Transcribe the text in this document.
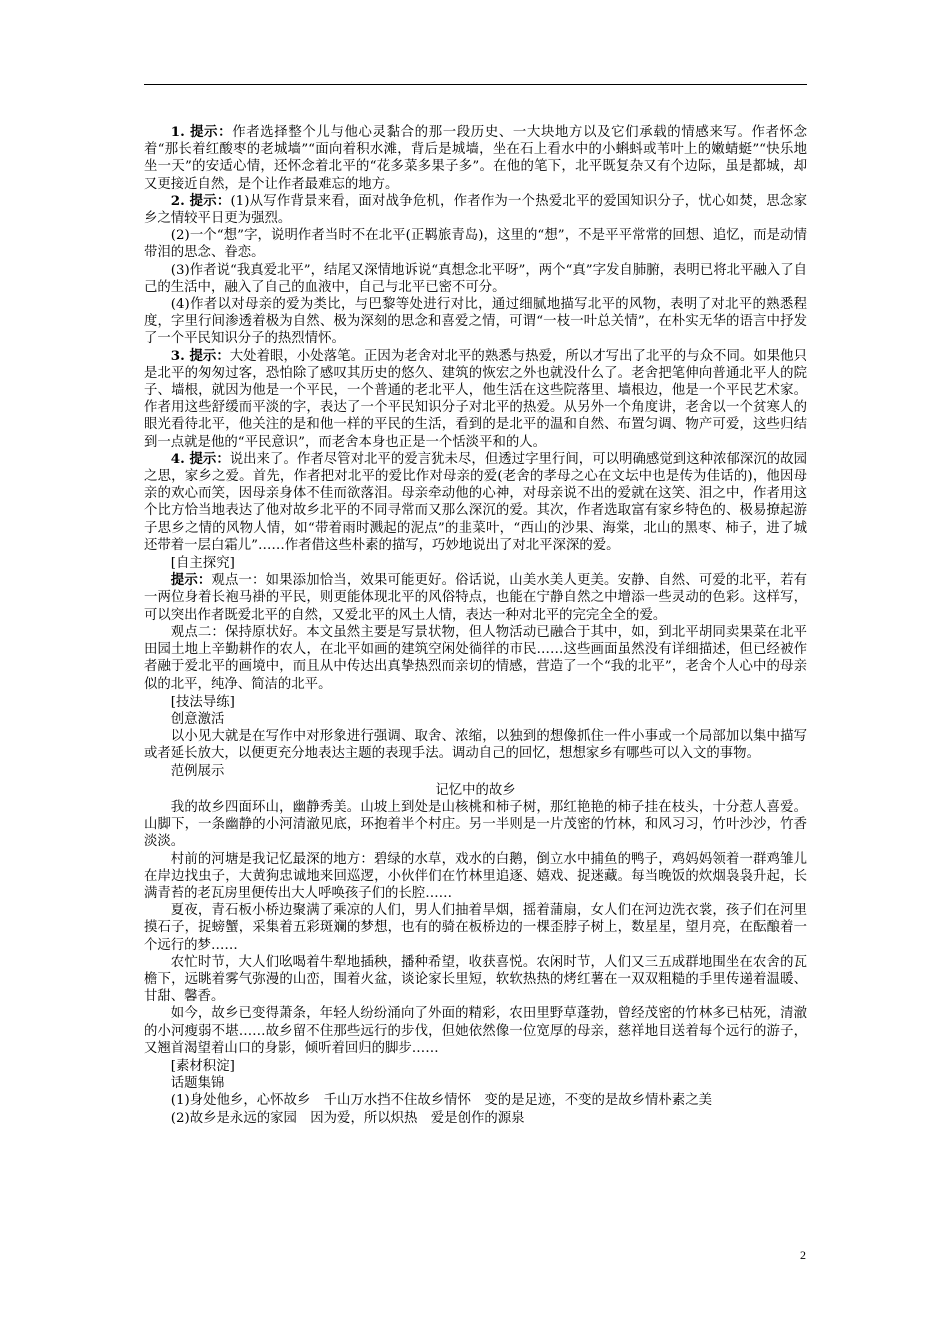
1. 提示：作者选择整个儿与他心灵黏合的那一段历史、一大块地方以及它们承载的情感来写。作者怀念着“那长着红酸枣的老城墙”“面向着积水滩，背后是城墙，坐在石上看水中的小蝌蚪或苇叶上的嫩蜻蜓”“快乐地坐一天”的安适心情，还怀念着北平的“花多菜多果子多”。在他的笔下，北平既复杂又有个边际，虽是都城，却又更接近自然，是个让作者最难忘的地方。

2. 提示：(1)从写作背景来看，面对战争危机，作者作为一个热爱北平的爱国知识分子，忧心如焚，思念家乡之情较平日更为强烈。

(2)一个“想”字，说明作者当时不在北平(正羁旅青岛)，这里的“想”，不是平平常常的回想、追忆，而是动情带泪的思念、眷恋。

(3)作者说“我真爱北平”，结尾又深情地诉说“真想念北平呀”，两个“真”字发自肺腑，表明已将北平融入了自己的生活中，融入了自己的血液中，自己与北平已密不可分。

(4)作者以对母亲的爱为类比，与巴黎等处进行对比，通过细腻地描写北平的风物，表明了对北平的熟悉程度，字里行间渗透着极为自然、极为深刻的思念和喜爱之情，可谓“一枝一叶总关情”，在朴实无华的语言中抒发了一个平民知识分子的热烈情怀。

3. 提示：大处着眼，小处落笔。正因为老舍对北平的熟悉与热爱，所以才写出了北平的与众不同。如果他只是北平的匆匆过客，恐怕除了感叹其历史的悠久、建筑的恢宏之外也就没什么了。老舍把笔伸向普通北平人的院子、墙根，就因为他是一个平民，一个普通的老北平人，他生活在这些院落里、墙根边，他是一个平民艺术家。作者用这些舒缓而平淡的字，表达了一个平民知识分子对北平的热爱。从另外一个角度讲，老舍以一个贫寒人的眼光看待北平，他关注的是和他一样的平民的生活，看到的是北平的温和自然、布置匀调、物产可爱，这些归结到一点就是他的“平民意识”，而老舍本身也正是一个恬淡平和的人。

4. 提示：说出来了。作者尽管对北平的爱言犹未尽，但透过字里行间，可以明确感觉到这种浓郁深沉的故园之思，家乡之爱。首先，作者把对北平的爱比作对母亲的爱(老舍的孝母之心在文坛中也是传为佳话的)，他因母亲的欢心而笑，因母亲身体不佳而欲落泪。母亲牵动他的心神，对母亲说不出的爱就在这笑、泪之中，作者用这个比方恰当地表达了他对故乡北平的不同寻常而又那么深沉的爱。其次，作者选取富有家乡特色的、极易撩起游子思乡之情的风物人情，如“带着雨时溅起的泥点”的韭菜叶，“西山的沙果、海棠，北山的黑枣、柿子，进了城还带着一层白霜儿”……作者借这些朴素的描写，巧妙地说出了对北平深深的爱。

[自主探究]

提示：观点一：如果添加恰当，效果可能更好。俗话说，山美水美人更美。安静、自然、可爱的北平，若有一两位身着长袍马褂的平民，则更能体现北平的风俗特点，也能在宁静自然之中增添一些灵动的色彩。这样写，可以突出作者既爱北平的自然，又爱北平的风土人情，表达一种对北平的完完全全的爱。

观点二：保持原状好。本文虽然主要是写景状物，但人物活动已融合于其中，如，到北平胡同卖果菜在北平田园土地上辛勤耕作的农人，在北平如画的建筑空闲处徜徉的市民……这些画面虽然没有详细描述，但已经被作者融于爱北平的画境中，而且从中传达出真挚热烈而亲切的情感，营造了一个“我的北平”，老舍个人心中的母亲似的北平，纯净、简洁的北平。

[技法导练]

创意激活

以小见大就是在写作中对形象进行强调、取舍、浓缩，以独到的想像抓住一件小事或一个局部加以集中描写或者延长放大，以便更充分地表达主题的表现手法。调动自己的回忆，想想家乡有哪些可以入文的事物。

范例展示

记忆中的故乡

我的故乡四面环山，幽静秀美。山坡上到处是山核桃和柿子树，那红艳艳的柿子挂在枝头，十分惹人喜爱。山脚下，一条幽静的小河清澈见底，环抱着半个村庄。另一半则是一片茂密的竹林，和风习习，竹叶沙沙，竹香淡淡。

村前的河塘是我记忆最深的地方：碧绿的水草，戏水的白鹅，倒立水中捕鱼的鸭子，鸡妈妈领着一群鸡雏儿在岸边找虫子，大黄狗忠诚地来回巡逻，小伙伴们在竹林里追逐、嬉戏、捉迷藏。每当晚饭的炊烟袅袅升起，长满青苔的老瓦房里便传出大人呼唤孩子们的长腔……

夏夜，青石板小桥边聚满了乘凉的人们，男人们抽着旱烟，摇着蒲扇，女人们在河边洗衣裳，孩子们在河里摸石子，捉螃蟹，采集着五彩斑斓的梦想，也有的骑在板桥边的一棵歪脖子树上，数星星，望月亮，在酝酿着一个远行的梦……

农忙时节，大人们吆喝着牛犁地插秧，播种希望，收获喜悦。农闲时节，人们又三五成群地围坐在农舍的瓦檐下，远眺着雾气弥漫的山峦，围着火盆，谈论家长里短，软软热热的烤红薯在一双双粗糙的手里传递着温暖、甘甜、馨香。

如今，故乡已变得萧条，年轻人纷纷涌向了外面的精彩，农田里野草蓬勃，曾经茂密的竹林多已枯死，清澈的小河瘦弱不堪……故乡留不住那些远行的步伐，但她依然像一位宽厚的母亲，慈祥地目送着每个远行的游子，又翘首渴望着山口的身影，倾听着回归的脚步……

[素材积淀]

话题集锦

(1)身处他乡，心怀故乡　千山万水挡不住故乡情怀　变的是足迹，不变的是故乡情朴素之美

(2)故乡是永远的家园　因为爱，所以炽热　爱是创作的源泉

2
